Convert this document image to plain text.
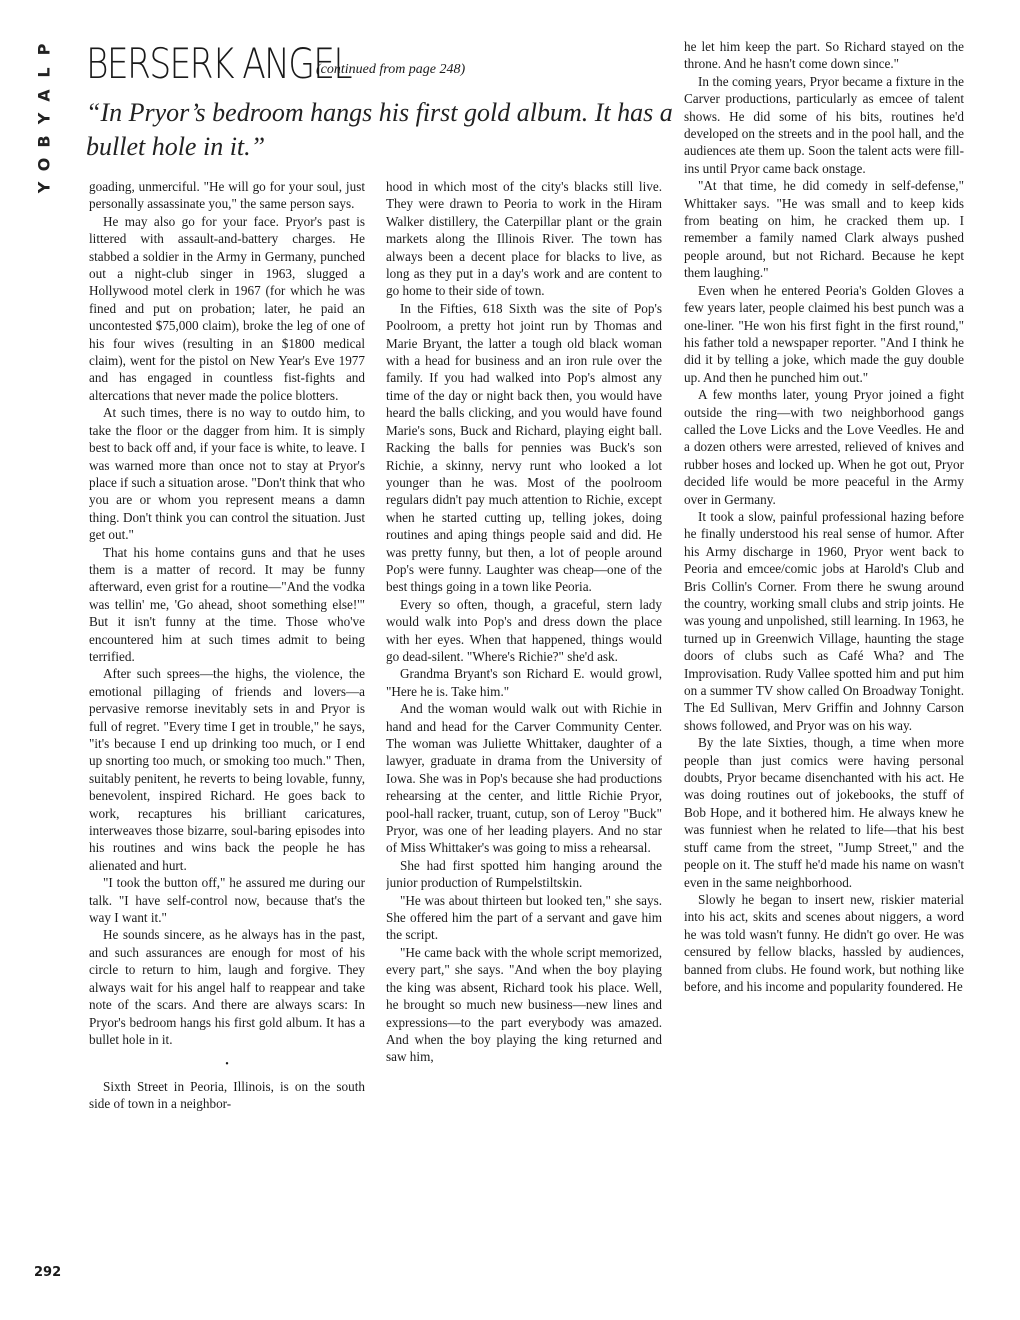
P
L
A
Y
B
O
Y
BERSERK ANGEL
(continued from page 248)
“In Pryor’s bedroom hangs his first gold album. It has a bullet hole in it.”

goading, unmerciful. "He will go for your soul, just personally assassinate you," the same person says.

He may also go for your face. Pryor's past is littered with assault-and-battery charges. He stabbed a soldier in the Army in Germany, punched out a night-club singer in 1963, slugged a Hollywood motel clerk in 1967 (for which he was fined and put on probation; later, he paid an uncontested $75,000 claim), broke the leg of one of his four wives (resulting in an $1800 medical claim), went for the pistol on New Year's Eve 1977 and has engaged in countless fist-fights and altercations that never made the police blotters.

At such times, there is no way to outdo him, to take the floor or the dagger from him. It is simply best to back off and, if your face is white, to leave. I was warned more than once not to stay at Pryor's place if such a situation arose. "Don't think that who you are or whom you represent means a damn thing. Don't think you can control the situation. Just get out."

That his home contains guns and that he uses them is a matter of record. It may be funny afterward, even grist for a routine—"And the vodka was tellin' me, 'Go ahead, shoot something else!'" But it isn't funny at the time. Those who've encountered him at such times admit to being terrified.

After such sprees—the highs, the violence, the emotional pillaging of friends and lovers—a pervasive remorse inevitably sets in and Pryor is full of regret. "Every time I get in trouble," he says, "it's because I end up drinking too much, or I end up snorting too much, or smoking too much." Then, suitably penitent, he reverts to being lovable, funny, benevolent, inspired Richard. He goes back to work, recaptures his brilliant caricatures, interweaves those bizarre, soul-baring episodes into his routines and wins back the people he has alienated and hurt.

"I took the button off," he assured me during our talk. "I have self-control now, because that's the way I want it."

He sounds sincere, as he always has in the past, and such assurances are enough for most of his circle to return to him, laugh and forgive. They always wait for his angel half to reappear and take note of the scars. And there are always scars: In Pryor's bedroom hangs his first gold album. It has a bullet hole in it.

•

Sixth Street in Peoria, Illinois, is on the south side of town in a neighbor-

hood in which most of the city's blacks still live. They were drawn to Peoria to work in the Hiram Walker distillery, the Caterpillar plant or the grain markets along the Illinois River. The town has always been a decent place for blacks to live, as long as they put in a day's work and are content to go home to their side of town.

In the Fifties, 618 Sixth was the site of Pop's Poolroom, a pretty hot joint run by Thomas and Marie Bryant, the latter a tough old black woman with a head for business and an iron rule over the family. If you had walked into Pop's almost any time of the day or night back then, you would have heard the balls clicking, and you would have found Marie's sons, Buck and Richard, playing eight ball. Racking the balls for pennies was Buck's son Richie, a skinny, nervy runt who looked a lot younger than he was. Most of the poolroom regulars didn't pay much attention to Richie, except when he started cutting up, telling jokes, doing routines and aping things people said and did. He was pretty funny, but then, a lot of people around Pop's were funny. Laughter was cheap—one of the best things going in a town like Peoria.

Every so often, though, a graceful, stern lady would walk into Pop's and dress down the place with her eyes. When that happened, things would go dead-silent. "Where's Richie?" she'd ask.

Grandma Bryant's son Richard E. would growl, "Here he is. Take him."

And the woman would walk out with Richie in hand and head for the Carver Community Center. The woman was Juliette Whittaker, daughter of a lawyer, graduate in drama from the University of Iowa. She was in Pop's because she had productions rehearsing at the center, and little Richie Pryor, pool-hall racker, truant, cutup, son of Leroy "Buck" Pryor, was one of her leading players. And no star of Miss Whittaker's was going to miss a rehearsal.

She had first spotted him hanging around the junior production of Rumpelstiltskin.

"He was about thirteen but looked ten," she says. She offered him the part of a servant and gave him the script.

"He came back with the whole script memorized, every part," she says. "And when the boy playing the king was absent, Richard took his place. Well, he brought so much new business—new lines and expressions—to the part everybody was amazed. And when the boy playing the king returned and saw him,

he let him keep the part. So Richard stayed on the throne. And he hasn't come down since."

In the coming years, Pryor became a fixture in the Carver productions, particularly as emcee of talent shows. He did some of his bits, routines he'd developed on the streets and in the pool hall, and the audiences ate them up. Soon the talent acts were fill-ins until Pryor came back onstage.

"At that time, he did comedy in self-defense," Whittaker says. "He was small and to keep kids from beating on him, he cracked them up. I remember a family named Clark always pushed people around, but not Richard. Because he kept them laughing."

Even when he entered Peoria's Golden Gloves a few years later, people claimed his best punch was a one-liner. "He won his first fight in the first round," his father told a newspaper reporter. "And I think he did it by telling a joke, which made the guy double up. And then he punched him out."

A few months later, young Pryor joined a fight outside the ring—with two neighborhood gangs called the Love Licks and the Love Veedles. He and a dozen others were arrested, relieved of knives and rubber hoses and locked up. When he got out, Pryor decided life would be more peaceful in the Army over in Germany.

It took a slow, painful professional hazing before he finally understood his real sense of humor. After his Army discharge in 1960, Pryor went back to Peoria and emcee/comic jobs at Harold's Club and Bris Collin's Corner. From there he swung around the country, working small clubs and strip joints. He was young and unpolished, still learning. In 1963, he turned up in Greenwich Village, haunting the stage doors of clubs such as Café Wha? and The Improvisation. Rudy Vallee spotted him and put him on a summer TV show called On Broadway Tonight. The Ed Sullivan, Merv Griffin and Johnny Carson shows followed, and Pryor was on his way.

By the late Sixties, though, a time when more people than just comics were having personal doubts, Pryor became disenchanted with his act. He was doing routines out of jokebooks, the stuff of Bob Hope, and it bothered him. He always knew he was funniest when he related to life—that his best stuff came from the street, "Jump Street," and the people on it. The stuff he'd made his name on wasn't even in the same neighborhood.

Slowly he began to insert new, riskier material into his act, skits and scenes about niggers, a word he was told wasn't funny. He didn't go over. He was censured by fellow blacks, hassled by audiences, banned from clubs. He found work, but nothing like before, and his income and popularity foundered. He

292
